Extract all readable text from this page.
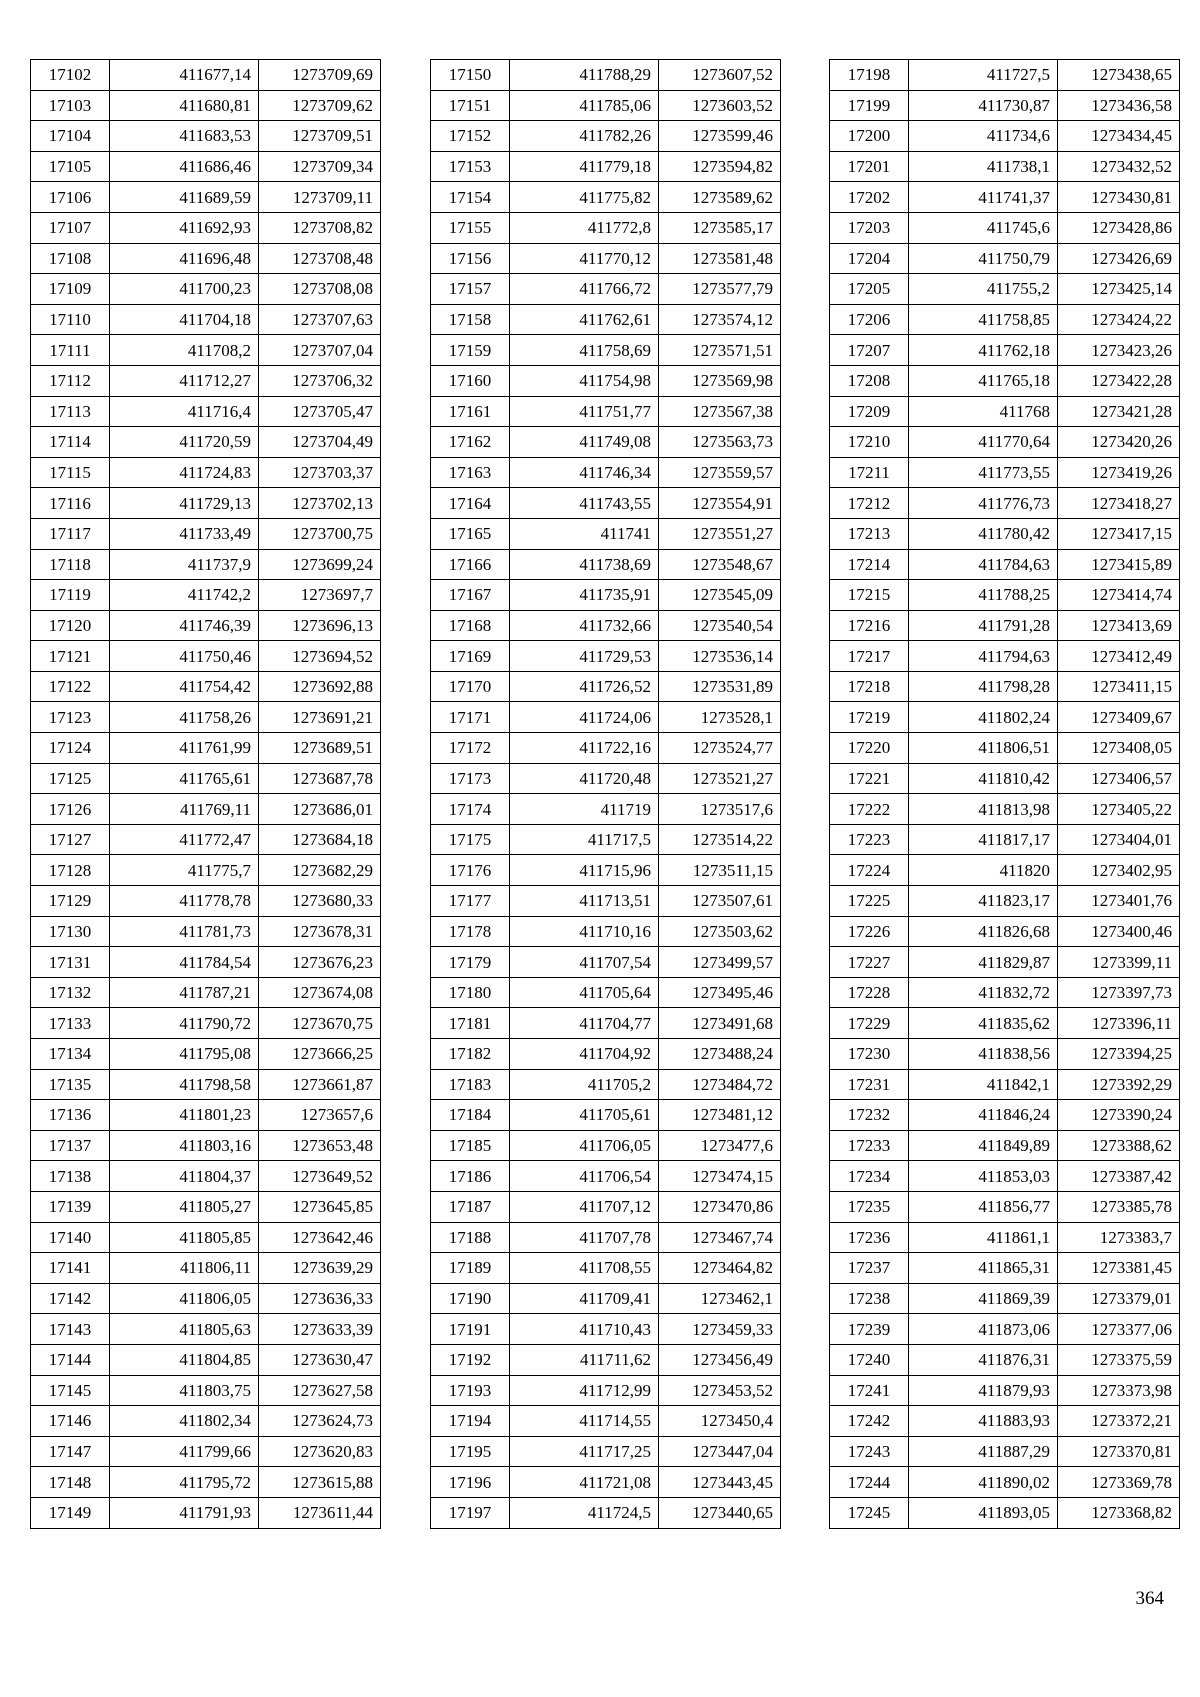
17102	411677,14	1273709,69
17103	411680,81	1273709,62
17104	411683,53	1273709,51
17105	411686,46	1273709,34
17106	411689,59	1273709,11
17107	411692,93	1273708,82
17108	411696,48	1273708,48
17109	411700,23	1273708,08
17110	411704,18	1273707,63
17111	411708,2	1273707,04
17112	411712,27	1273706,32
17113	411716,4	1273705,47
17114	411720,59	1273704,49
17115	411724,83	1273703,37
17116	411729,13	1273702,13
17117	411733,49	1273700,75
17118	411737,9	1273699,24
17119	411742,2	1273697,7
17120	411746,39	1273696,13
17121	411750,46	1273694,52
17122	411754,42	1273692,88
17123	411758,26	1273691,21
17124	411761,99	1273689,51
17125	411765,61	1273687,78
17126	411769,11	1273686,01
17127	411772,47	1273684,18
17128	411775,7	1273682,29
17129	411778,78	1273680,33
17130	411781,73	1273678,31
17131	411784,54	1273676,23
17132	411787,21	1273674,08
17133	411790,72	1273670,75
17134	411795,08	1273666,25
17135	411798,58	1273661,87
17136	411801,23	1273657,6
17137	411803,16	1273653,48
17138	411804,37	1273649,52
17139	411805,27	1273645,85
17140	411805,85	1273642,46
17141	411806,11	1273639,29
17142	411806,05	1273636,33
17143	411805,63	1273633,39
17144	411804,85	1273630,47
17145	411803,75	1273627,58
17146	411802,34	1273624,73
17147	411799,66	1273620,83
17148	411795,72	1273615,88
17149	411791,93	1273611,44
17150	411788,29	1273607,52
17151	411785,06	1273603,52
17152	411782,26	1273599,46
17153	411779,18	1273594,82
17154	411775,82	1273589,62
17155	411772,8	1273585,17
17156	411770,12	1273581,48
17157	411766,72	1273577,79
17158	411762,61	1273574,12
17159	411758,69	1273571,51
17160	411754,98	1273569,98
17161	411751,77	1273567,38
17162	411749,08	1273563,73
17163	411746,34	1273559,57
17164	411743,55	1273554,91
17165	411741	1273551,27
17166	411738,69	1273548,67
17167	411735,91	1273545,09
17168	411732,66	1273540,54
17169	411729,53	1273536,14
17170	411726,52	1273531,89
17171	411724,06	1273528,1
17172	411722,16	1273524,77
17173	411720,48	1273521,27
17174	411719	1273517,6
17175	411717,5	1273514,22
17176	411715,96	1273511,15
17177	411713,51	1273507,61
17178	411710,16	1273503,62
17179	411707,54	1273499,57
17180	411705,64	1273495,46
17181	411704,77	1273491,68
17182	411704,92	1273488,24
17183	411705,2	1273484,72
17184	411705,61	1273481,12
17185	411706,05	1273477,6
17186	411706,54	1273474,15
17187	411707,12	1273470,86
17188	411707,78	1273467,74
17189	411708,55	1273464,82
17190	411709,41	1273462,1
17191	411710,43	1273459,33
17192	411711,62	1273456,49
17193	411712,99	1273453,52
17194	411714,55	1273450,4
17195	411717,25	1273447,04
17196	411721,08	1273443,45
17197	411724,5	1273440,65
17198	411727,5	1273438,65
17199	411730,87	1273436,58
17200	411734,6	1273434,45
17201	411738,1	1273432,52
17202	411741,37	1273430,81
17203	411745,6	1273428,86
17204	411750,79	1273426,69
17205	411755,2	1273425,14
17206	411758,85	1273424,22
17207	411762,18	1273423,26
17208	411765,18	1273422,28
17209	411768	1273421,28
17210	411770,64	1273420,26
17211	411773,55	1273419,26
17212	411776,73	1273418,27
17213	411780,42	1273417,15
17214	411784,63	1273415,89
17215	411788,25	1273414,74
17216	411791,28	1273413,69
17217	411794,63	1273412,49
17218	411798,28	1273411,15
17219	411802,24	1273409,67
17220	411806,51	1273408,05
17221	411810,42	1273406,57
17222	411813,98	1273405,22
17223	411817,17	1273404,01
17224	411820	1273402,95
17225	411823,17	1273401,76
17226	411826,68	1273400,46
17227	411829,87	1273399,11
17228	411832,72	1273397,73
17229	411835,62	1273396,11
17230	411838,56	1273394,25
17231	411842,1	1273392,29
17232	411846,24	1273390,24
17233	411849,89	1273388,62
17234	411853,03	1273387,42
17235	411856,77	1273385,78
17236	411861,1	1273383,7
17237	411865,31	1273381,45
17238	411869,39	1273379,01
17239	411873,06	1273377,06
17240	411876,31	1273375,59
17241	411879,93	1273373,98
17242	411883,93	1273372,21
17243	411887,29	1273370,81
17244	411890,02	1273369,78
17245	411893,05	1273368,82
364
